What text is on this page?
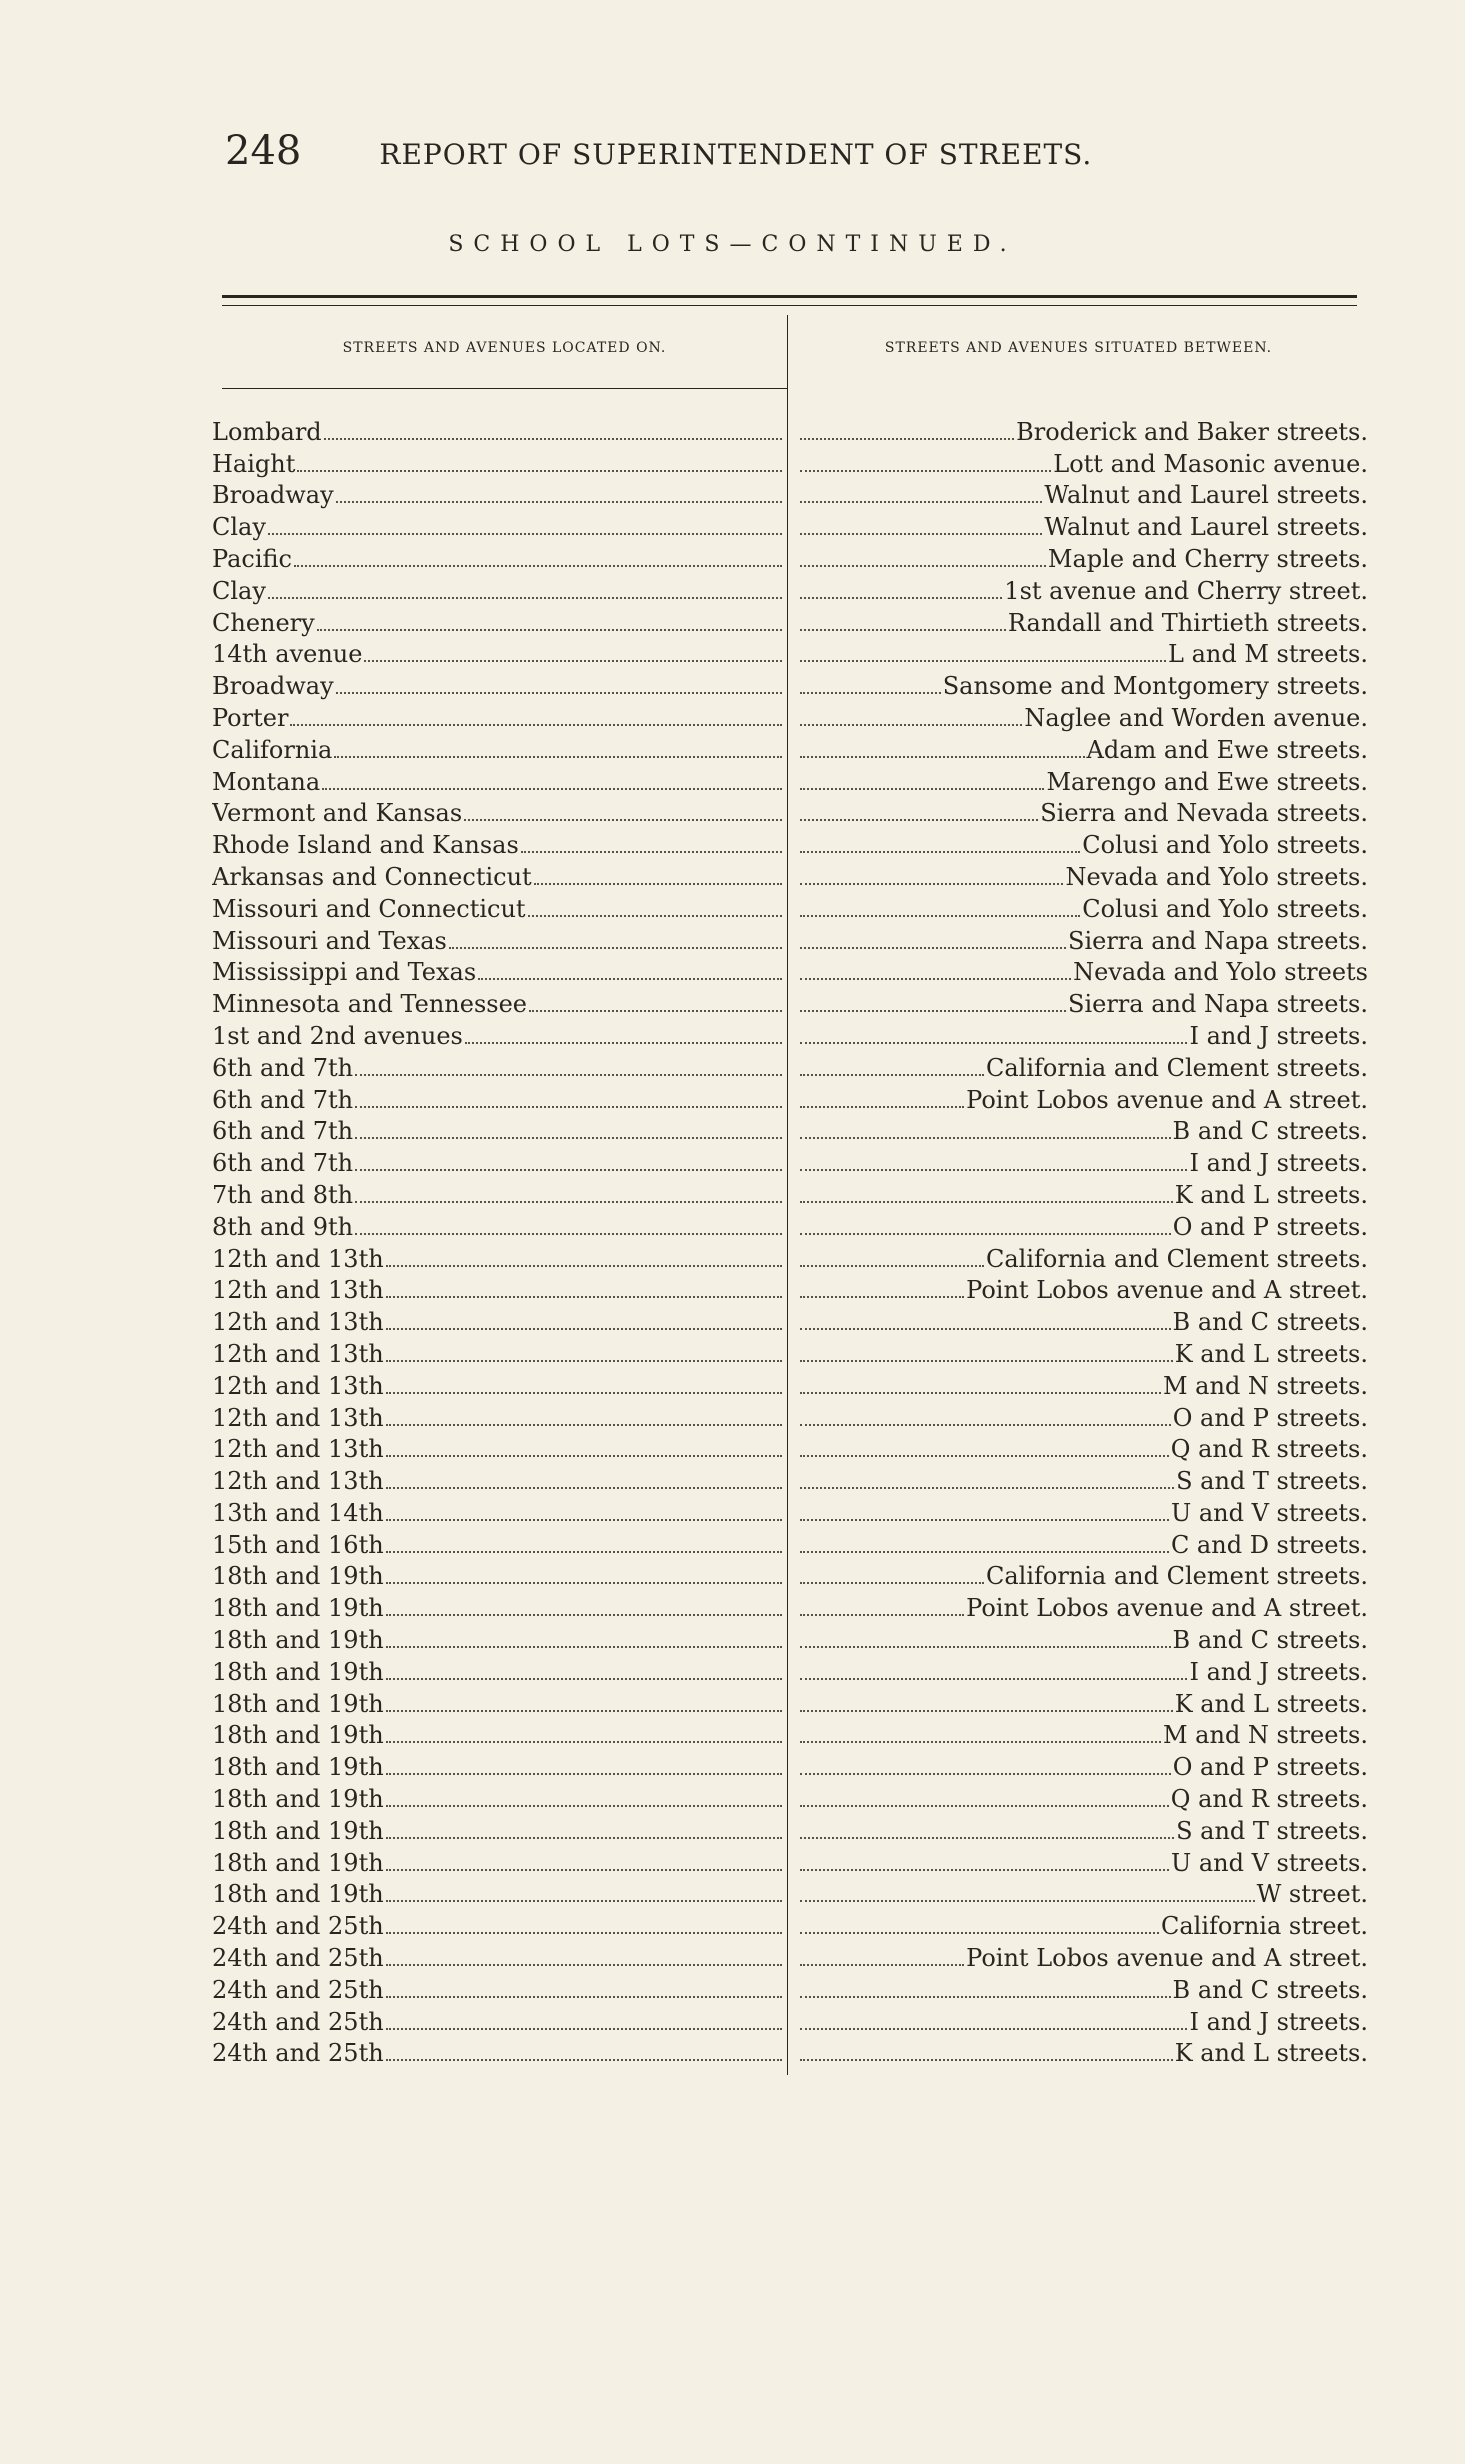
248	REPORT OF SUPERINTENDENT OF STREETS.
SCHOOL LOTS—CONTINUED.
STREETS AND AVENUES LOCATED ON.	STREETS AND AVENUES SITUATED BETWEEN.
Lombard	Broderick and Baker streets.
Haight	Lott and Masonic avenue.
Broadway	Walnut and Laurel streets.
Clay	Walnut and Laurel streets.
Pacific	Maple and Cherry streets.
Clay	1st avenue and Cherry street.
Chenery	Randall and Thirtieth streets.
14th avenue	L and M streets.
Broadway	Sansome and Montgomery streets.
Porter	Naglee and Worden avenue.
California	Adam and Ewe streets.
Montana	Marengo and Ewe streets.
Vermont and Kansas	Sierra and Nevada streets.
Rhode Island and Kansas	Colusi and Yolo streets.
Arkansas and Connecticut	Nevada and Yolo streets.
Missouri and Connecticut	Colusi and Yolo streets.
Missouri and Texas	Sierra and Napa streets.
Mississippi and Texas	Nevada and Yolo streets
Minnesota and Tennessee	Sierra and Napa streets.
1st and 2nd avenues	I and J streets.
6th and 7th	California and Clement streets.
6th and 7th	Point Lobos avenue and A street.
6th and 7th	B and C streets.
6th and 7th	I and J streets.
7th and 8th	K and L streets.
8th and 9th	O and P streets.
12th and 13th	California and Clement streets.
12th and 13th	Point Lobos avenue and A street.
12th and 13th	B and C streets.
12th and 13th	K and L streets.
12th and 13th	M and N streets.
12th and 13th	O and P streets.
12th and 13th	Q and R streets.
12th and 13th	S and T streets.
13th and 14th	U and V streets.
15th and 16th	C and D streets.
18th and 19th	California and Clement streets.
18th and 19th	Point Lobos avenue and A street.
18th and 19th	B and C streets.
18th and 19th	I and J streets.
18th and 19th	K and L streets.
18th and 19th	M and N streets.
18th and 19th	O and P streets.
18th and 19th	Q and R streets.
18th and 19th	S and T streets.
18th and 19th	U and V streets.
18th and 19th	W street.
24th and 25th	California street.
24th and 25th	Point Lobos avenue and A street.
24th and 25th	B and C streets.
24th and 25th	I and J streets.
24th and 25th	K and L streets.
